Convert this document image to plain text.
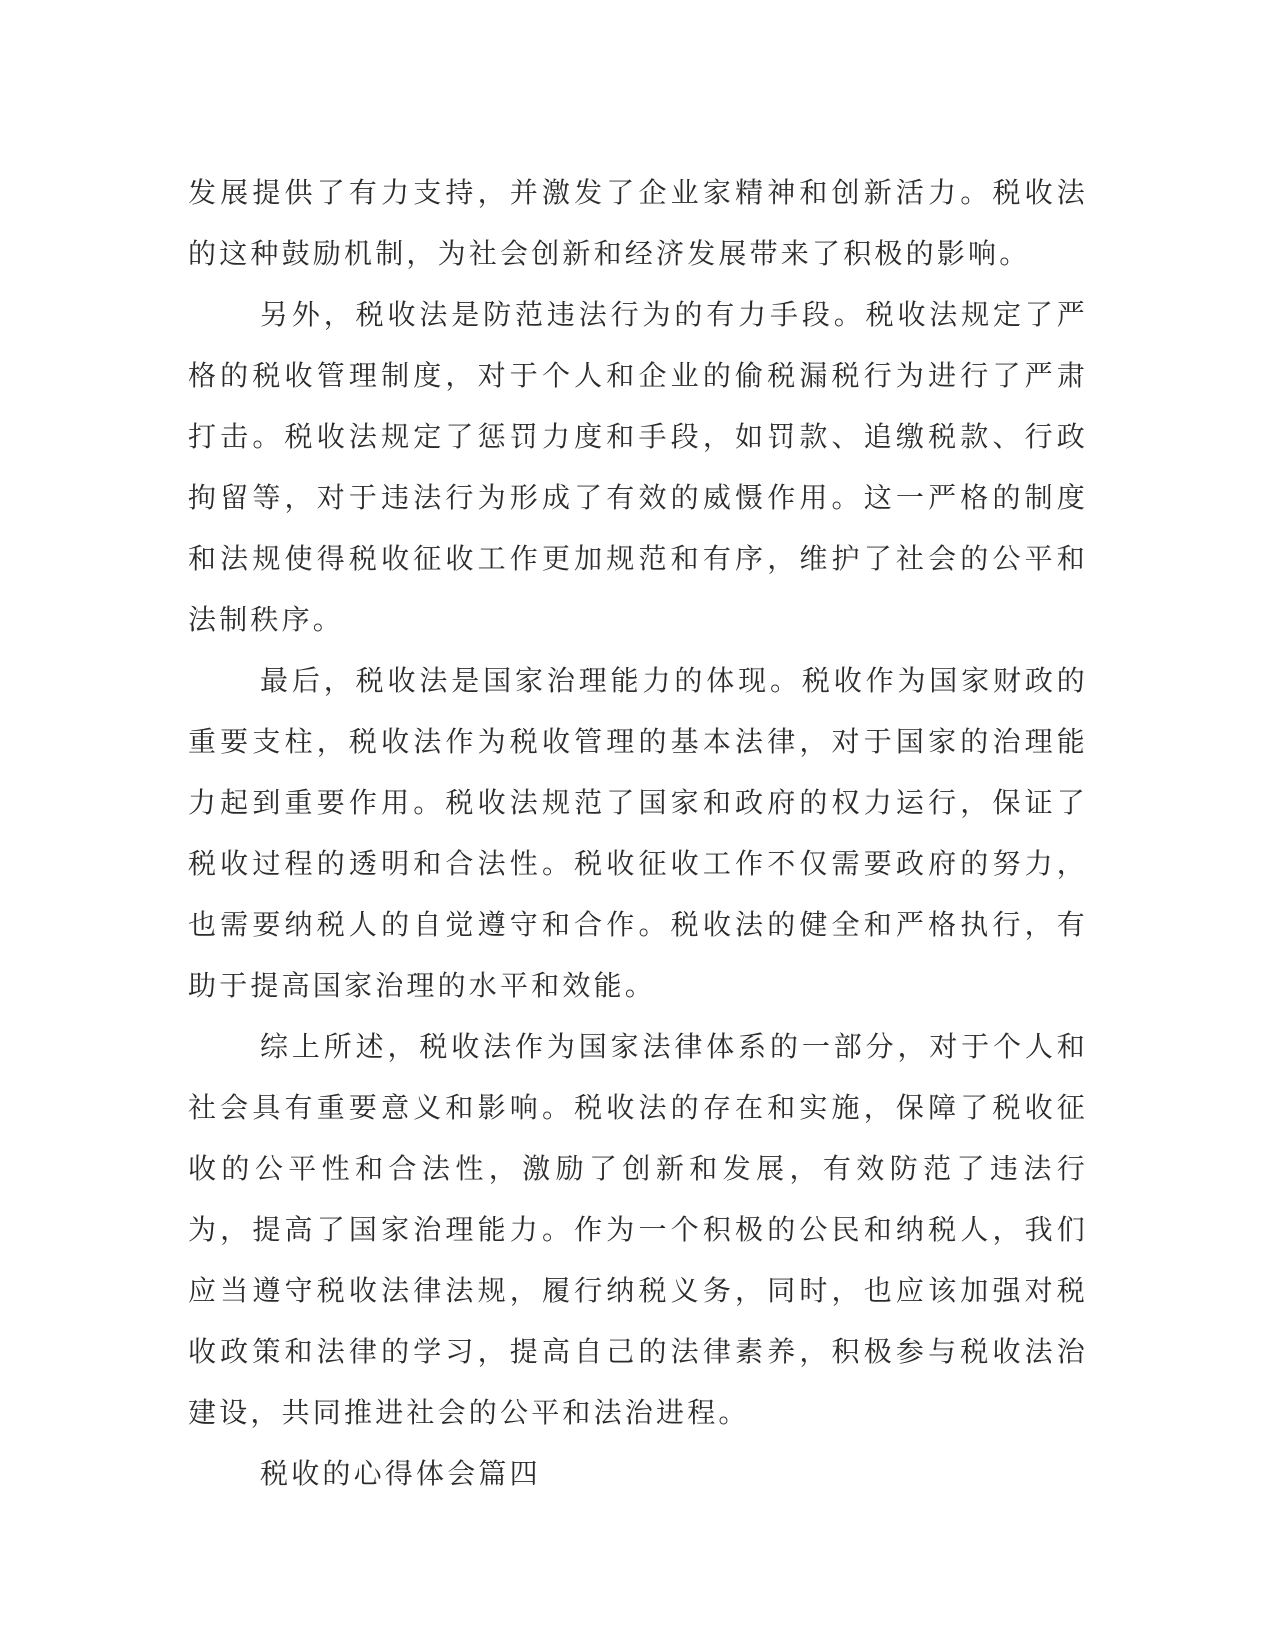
发展提供了有力支持，并激发了企业家精神和创新活力。税收法的这种鼓励机制，为社会创新和经济发展带来了积极的影响。

另外，税收法是防范违法行为的有力手段。税收法规定了严格的税收管理制度，对于个人和企业的偷税漏税行为进行了严肃打击。税收法规定了惩罚力度和手段，如罚款、追缴税款、行政拘留等，对于违法行为形成了有效的威慑作用。这一严格的制度和法规使得税收征收工作更加规范和有序，维护了社会的公平和法制秩序。

最后，税收法是国家治理能力的体现。税收作为国家财政的重要支柱，税收法作为税收管理的基本法律，对于国家的治理能力起到重要作用。税收法规范了国家和政府的权力运行，保证了税收过程的透明和合法性。税收征收工作不仅需要政府的努力，也需要纳税人的自觉遵守和合作。税收法的健全和严格执行，有助于提高国家治理的水平和效能。

综上所述，税收法作为国家法律体系的一部分，对于个人和社会具有重要意义和影响。税收法的存在和实施，保障了税收征收的公平性和合法性，激励了创新和发展，有效防范了违法行为，提高了国家治理能力。作为一个积极的公民和纳税人，我们应当遵守税收法律法规，履行纳税义务，同时，也应该加强对税收政策和法律的学习，提高自己的法律素养，积极参与税收法治建设，共同推进社会的公平和法治进程。

税收的心得体会篇四
